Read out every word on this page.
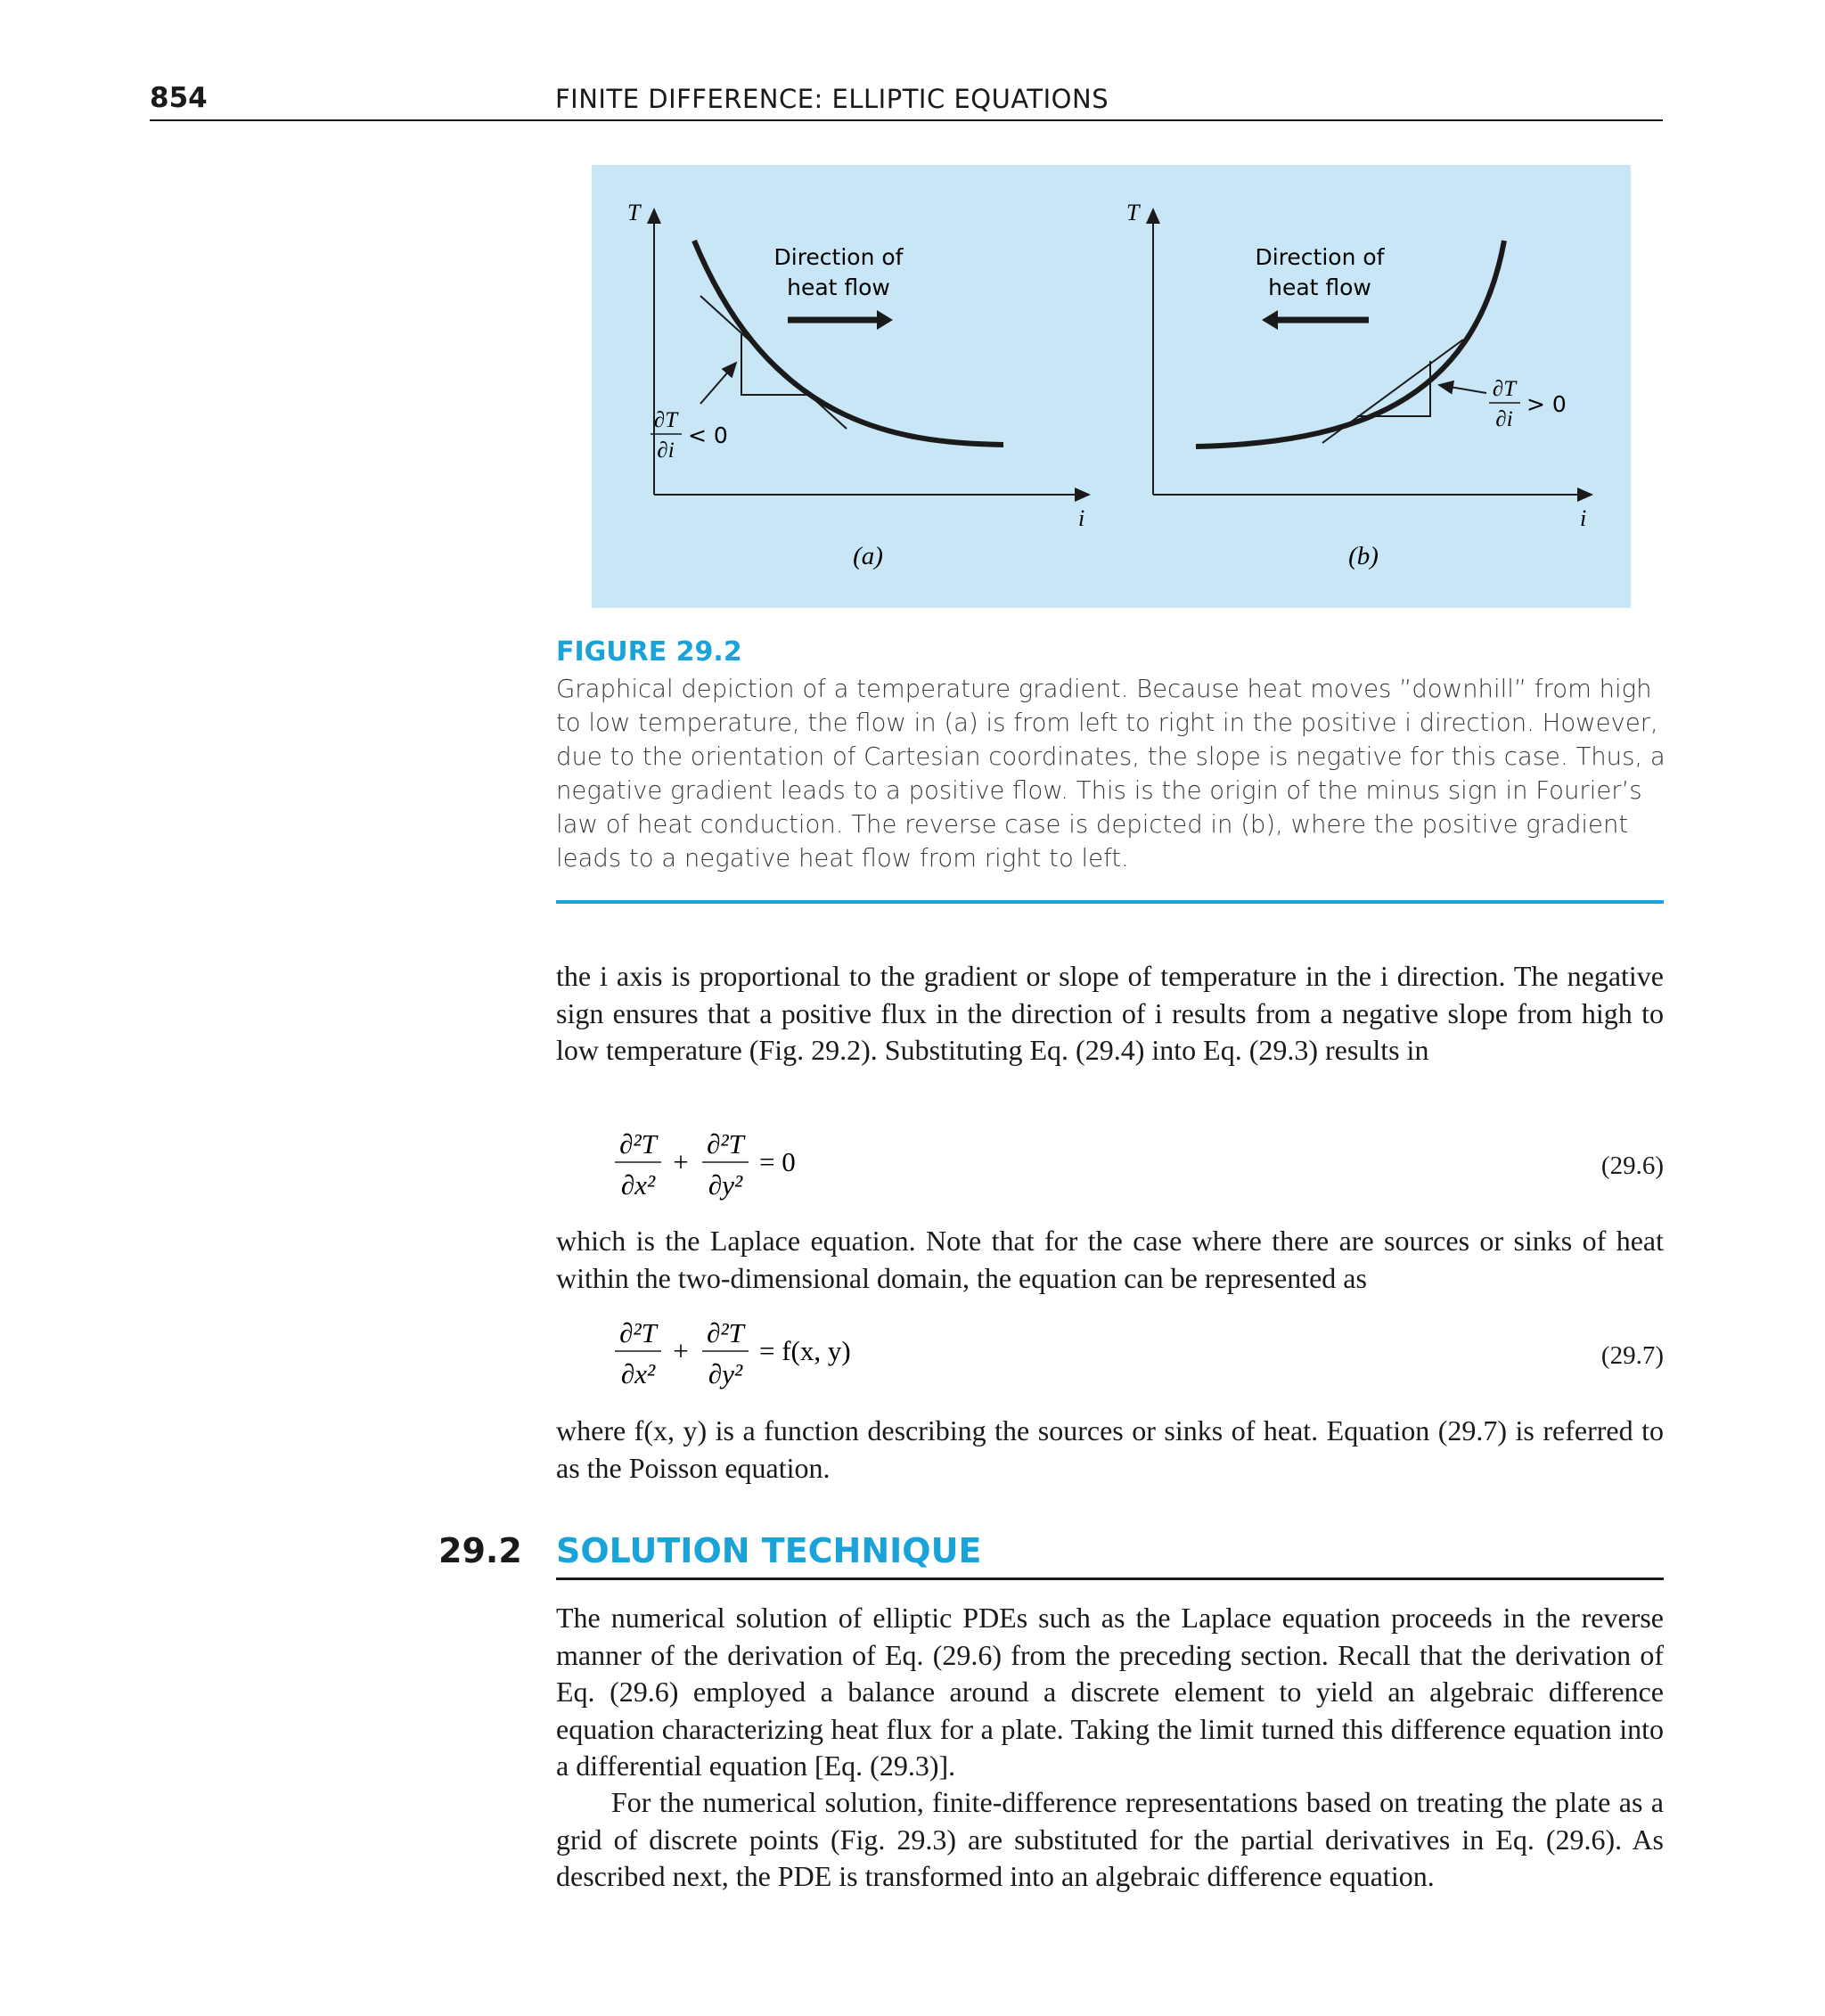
854	FINITE DIFFERENCE: ELLIPTIC EQUATIONS
T
i
Direction of
heat flow
∂T
∂i
< 0
(a)
T
i
Direction of
heat flow
∂T
∂i
> 0
(b)
FIGURE 29.2
Graphical depiction of a temperature gradient. Because heat moves ”downhill” from high to low temperature, the flow in (a) is from left to right in the positive i direction. However, due to the orientation of Cartesian coordinates, the slope is negative for this case. Thus, a negative gradient leads to a positive flow. This is the origin of the minus sign in Fourier’s law of heat conduction. The reverse case is depicted in (b), where the positive gradient leads to a negative heat flow from right to left.
the i axis is proportional to the gradient or slope of temperature in the i direction. The negative sign ensures that a positive flux in the direction of i results from a negative slope from high to low temperature (Fig. 29.2). Substituting Eq. (29.4) into Eq. (29.3) results in
∂²T
∂x²
+
∂²T
∂y²
= 0	(29.6)
which is the Laplace equation. Note that for the case where there are sources or sinks of heat within the two-dimensional domain, the equation can be represented as
∂²T
∂x²
+
∂²T
∂y²
= f(x, y)	(29.7)
where f(x, y) is a function describing the sources or sinks of heat. Equation (29.7) is referred to as the Poisson equation.
29.2 SOLUTION TECHNIQUE
The numerical solution of elliptic PDEs such as the Laplace equation proceeds in the reverse manner of the derivation of Eq. (29.6) from the preceding section. Recall that the derivation of Eq. (29.6) employed a balance around a discrete element to yield an algebraic difference equation characterizing heat flux for a plate. Taking the limit turned this difference equation into a differential equation [Eq. (29.3)].
For the numerical solution, finite-difference representations based on treating the plate as a grid of discrete points (Fig. 29.3) are substituted for the partial derivatives in Eq. (29.6). As described next, the PDE is transformed into an algebraic difference equation.
